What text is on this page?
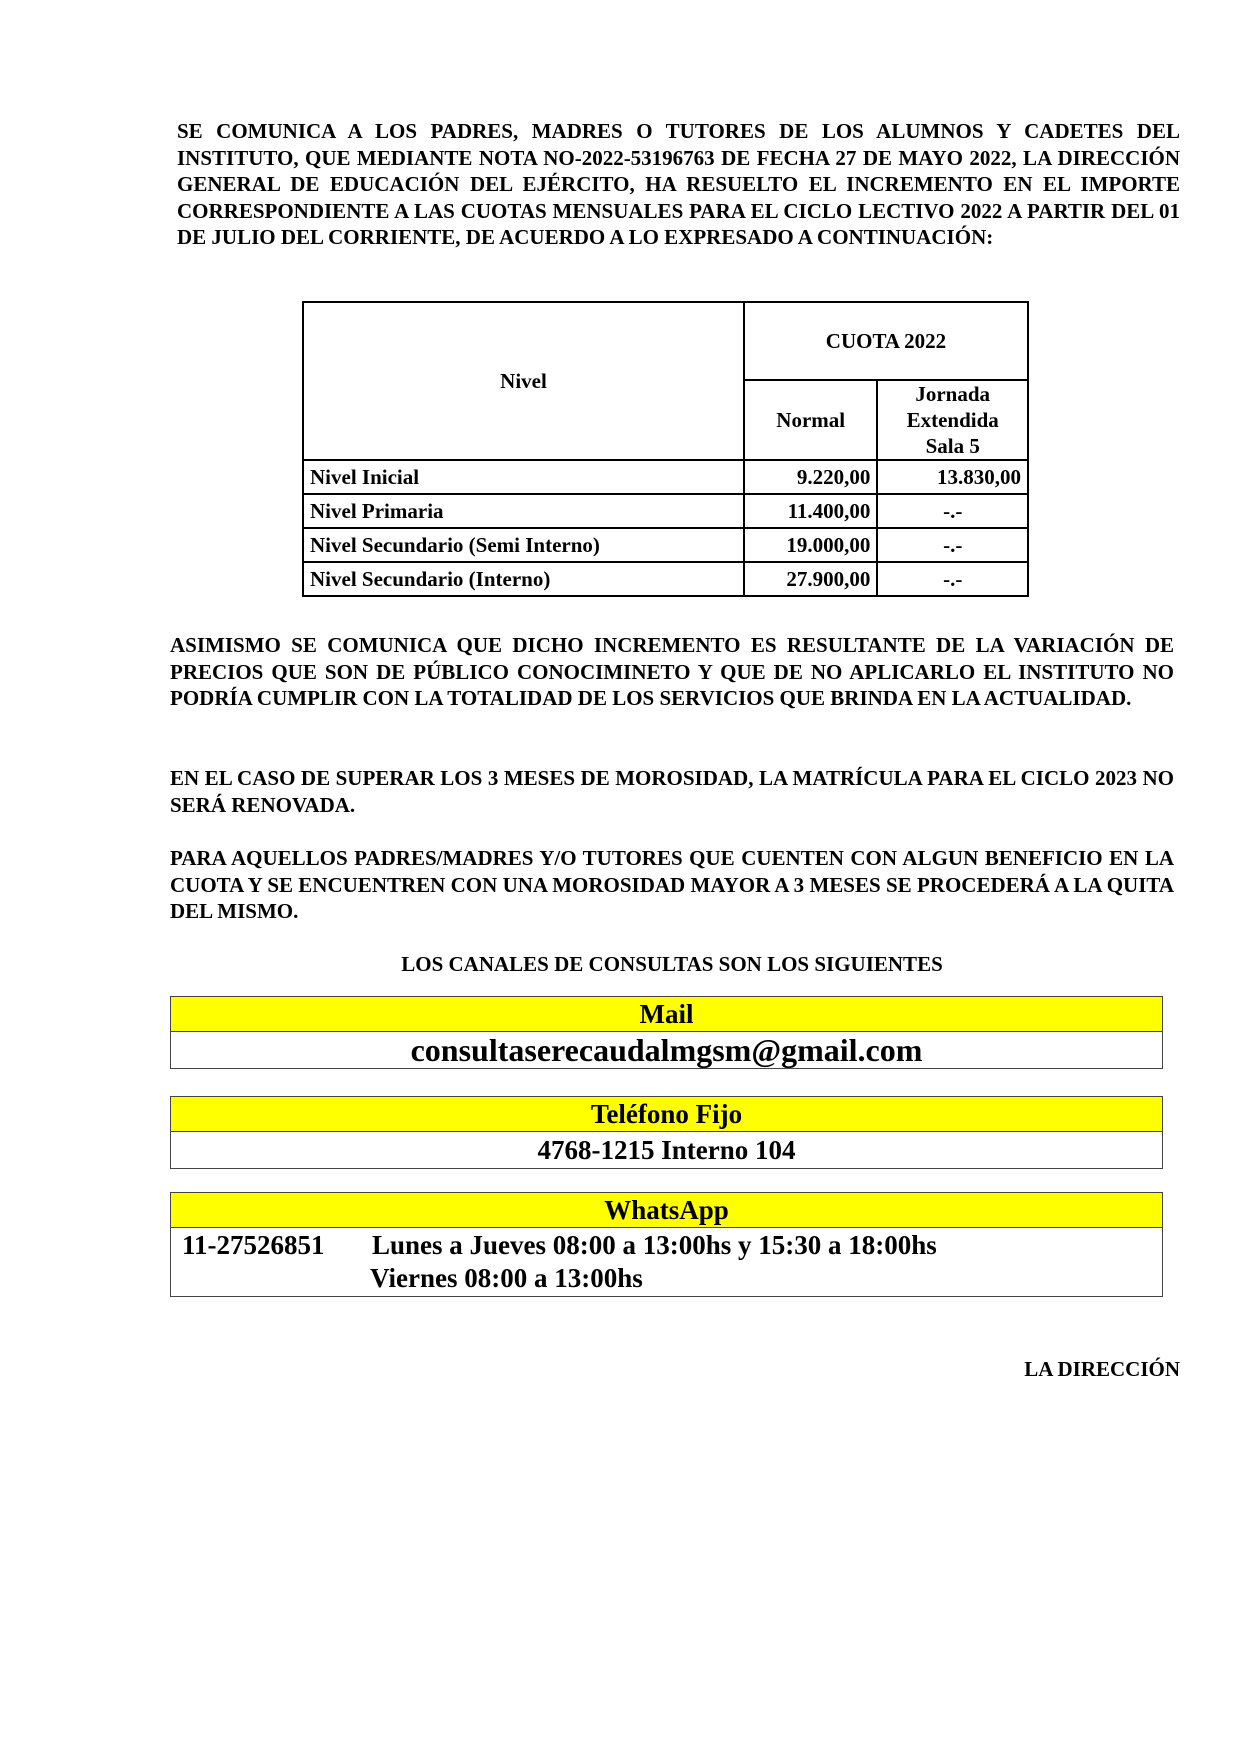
SE COMUNICA A LOS PADRES, MADRES O TUTORES DE LOS ALUMNOS Y CADETES DEL INSTITUTO, QUE MEDIANTE NOTA NO-2022-53196763 DE FECHA 27 DE MAYO 2022, LA DIRECCIÓN GENERAL DE EDUCACIÓN DEL EJÉRCITO, HA RESUELTO EL INCREMENTO EN EL IMPORTE CORRESPONDIENTE A LAS CUOTAS MENSUALES PARA EL CICLO LECTIVO 2022 A PARTIR DEL 01 DE JULIO DEL CORRIENTE, DE ACUERDO A LO EXPRESADO A CONTINUACIÓN:

Nivel	CUOTA 2022	
	Normal	Jornada
Extendida
Sala 5
Nivel Inicial	9.220,00	13.830,00
Nivel Primaria	11.400,00	-.-
Nivel Secundario (Semi Interno)	19.000,00	-.-
Nivel Secundario (Interno)	27.900,00	-.-

ASIMISMO SE COMUNICA QUE DICHO INCREMENTO ES RESULTANTE DE LA VARIACIÓN DE PRECIOS QUE SON DE PÚBLICO CONOCIMINETO Y QUE DE NO APLICARLO EL INSTITUTO NO PODRÍA CUMPLIR CON LA TOTALIDAD DE LOS SERVICIOS QUE BRINDA EN LA ACTUALIDAD.

EN EL CASO DE SUPERAR LOS 3 MESES DE MOROSIDAD, LA MATRÍCULA PARA EL CICLO 2023 NO SERÁ RENOVADA.

PARA AQUELLOS PADRES/MADRES Y/O TUTORES QUE CUENTEN CON ALGUN BENEFICIO EN LA CUOTA Y SE ENCUENTREN CON UNA MOROSIDAD MAYOR A 3 MESES SE PROCEDERÁ A LA QUITA DEL MISMO.

LOS CANALES DE CONSULTAS SON LOS SIGUIENTES

Mail
consultaserecaudalmgsm@gmail.com
Teléfono Fijo
4768-1215 Interno 104
WhatsApp
11-27526851 Lunes a Jueves 08:00 a 13:00hs y 15:30 a 18:00hs
Viernes 08:00 a 13:00hs

LA DIRECCIÓN
